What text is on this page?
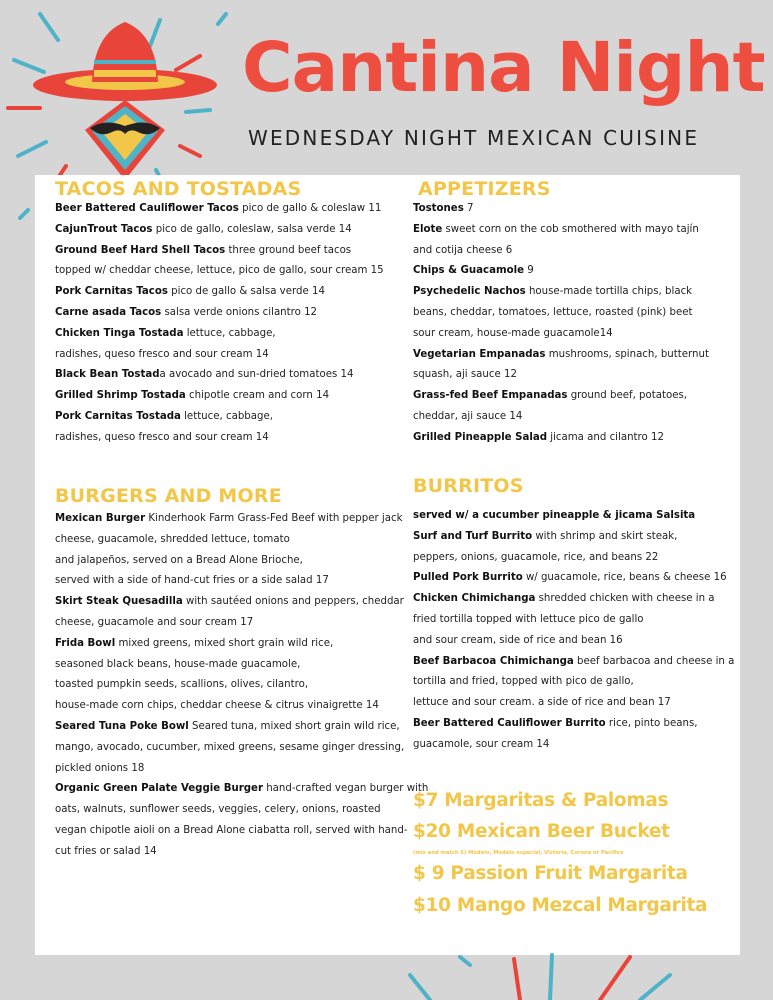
Cantina Night
WEDNESDAY NIGHT MEXICAN CUISINE
TACOS AND TOSTADAS
Beer Battered Cauliflower Tacos pico de gallo & coleslaw 11
CajunTrout Tacos pico de gallo, coleslaw, salsa verde 14
Ground Beef Hard Shell Tacos three ground beef tacos
topped w/ cheddar cheese, lettuce, pico de gallo, sour cream 15
Pork Carnitas Tacos pico de gallo & salsa verde 14
Carne asada Tacos salsa verde onions cilantro 12
Chicken Tinga Tostada lettuce, cabbage,
radishes, queso fresco and sour cream 14
Black Bean Tostada avocado and sun-dried tomatoes 14
Grilled Shrimp Tostada chipotle cream and corn 14
Pork Carnitas Tostada lettuce, cabbage,
radishes, queso fresco and sour cream 14
BURGERS AND MORE
Mexican Burger Kinderhook Farm Grass-Fed Beef with pepper jack
cheese, guacamole, shredded lettuce, tomato
and jalapeños, served on a Bread Alone Brioche,
served with a side of hand-cut fries or a side salad 17
Skirt Steak Quesadilla with sautéed onions and peppers, cheddar
cheese, guacamole and sour cream 17
Frida Bowl mixed greens, mixed short grain wild rice,
seasoned black beans, house-made guacamole,
toasted pumpkin seeds, scallions, olives, cilantro,
house-made corn chips, cheddar cheese & citrus vinaigrette 14
Seared Tuna Poke Bowl Seared tuna, mixed short grain wild rice,
mango, avocado, cucumber, mixed greens, sesame ginger dressing,
pickled onions 18
Organic Green Palate Veggie Burger hand-crafted vegan burger with
oats, walnuts, sunflower seeds, veggies, celery, onions, roasted
vegan chipotle aioli on a Bread Alone ciabatta roll, served with hand-
cut fries or salad 14
APPETIZERS
Tostones 7
Elote sweet corn on the cob smothered with mayo tajín
and cotija cheese 6
Chips & Guacamole 9
Psychedelic Nachos house-made tortilla chips, black
beans, cheddar, tomatoes, lettuce, roasted (pink) beet
sour cream, house-made guacamole14
Vegetarian Empanadas mushrooms, spinach, butternut
squash, aji sauce 12
Grass-fed Beef Empanadas ground beef, potatoes,
cheddar, aji sauce 14
Grilled Pineapple Salad jicama and cilantro 12
BURRITOS
served w/ a cucumber pineapple & jicama Salsita
Surf and Turf Burrito with shrimp and skirt steak,
peppers, onions, guacamole, rice, and beans 22
Pulled Pork Burrito w/ guacamole, rice, beans & cheese 16
Chicken Chimichanga shredded chicken with cheese in a
fried tortilla topped with lettuce pico de gallo
and sour cream, side of rice and bean 16
Beef Barbacoa Chimichanga beef barbacoa and cheese in a
tortilla and fried, topped with pico de gallo,
lettuce and sour cream. a side of rice and bean 17
Beer Battered Cauliflower Burrito rice, pinto beans,
guacamole, sour cream 14
$7 Margaritas & Palomas
$20 Mexican Beer Bucket
(mix and match 5) Modelo, Modelo especial, Victoria, Corona or Pacifico
$ 9 Passion Fruit Margarita
$10 Mango Mezcal Margarita
